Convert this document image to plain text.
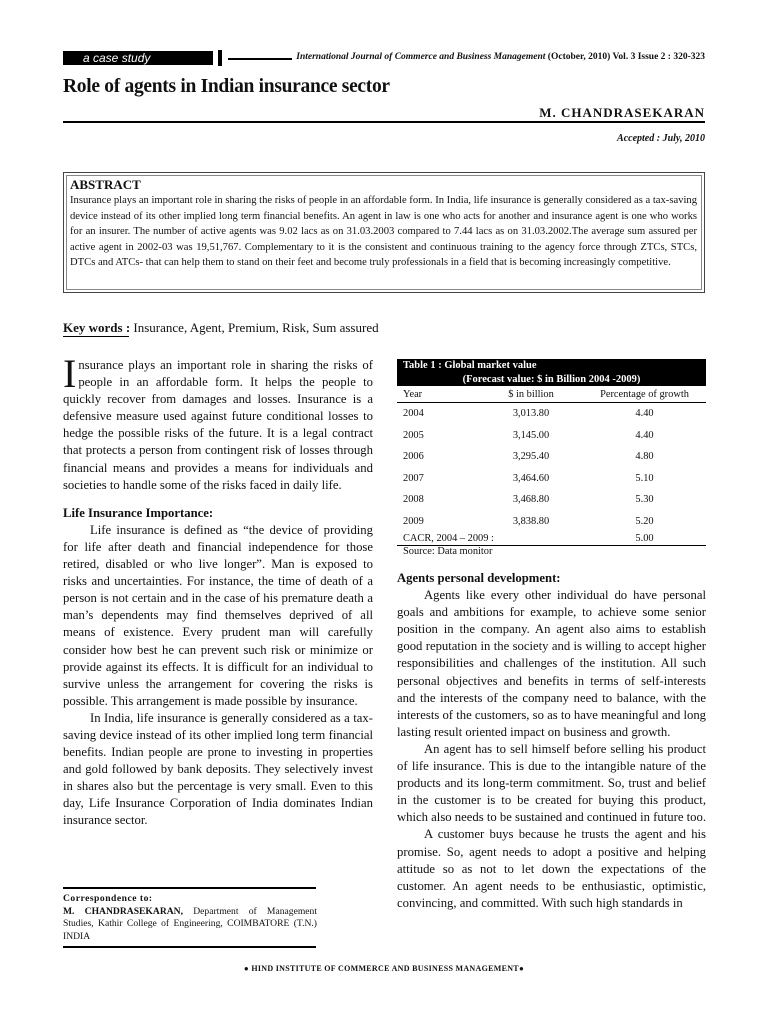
a case study	International Journal of Commerce and Business Management (October, 2010) Vol. 3 Issue 2 : 320-323
Role of agents in Indian insurance sector
M. CHANDRASEKARAN
Accepted : July, 2010
ABSTRACT
Insurance plays an important role in sharing the risks of people in an affordable form. In India, life insurance is generally considered as a tax-saving device instead of its other implied long term financial benefits. An agent in law is one who acts for another and insurance agent is one who works for an insurer. The number of active agents was 9.02 lacs as on 31.03.2003 compared to 7.44 lacs as on 31.03.2002.The average sum assured per active agent in 2002-03 was 19,51,767. Complementary to it is the consistent and continuous training to the agency force through ZTCs, STCs, DTCs and ATCs- that can help them to stand on their feet and become truly professionals in a field that is becoming increasingly competitive.
Key words : Insurance, Agent, Premium, Risk, Sum assured

Insurance plays an important role in sharing the risks of people in an affordable form. It helps the people to quickly recover from damages and losses. Insurance is a defensive measure used against future conditional losses to hedge the possible risks of the future. It is a legal contract that protects a person from contingent risk of losses through financial means and provides a means for individuals and societies to handle some of the risks faced in daily life.

Life Insurance Importance:

Life insurance is defined as “the device of providing for life after death and financial independence for those retired, disabled or who live longer”. Man is exposed to risks and uncertainties. For instance, the time of death of a person is not certain and in the case of his premature death a man’s dependents may find themselves deprived of all means of existence. Every prudent man will carefully consider how best he can prevent such risk or minimize or provide against its effects. It is difficult for an individual to survive unless the arrangement for covering the risks is possible. This arrangement is made possible by insurance.

In India, life insurance is generally considered as a tax-saving device instead of its other implied long term financial benefits. Indian people are prone to investing in properties and gold followed by bank deposits. They selectively invest in shares also but the percentage is very small. Even to this day, Life Insurance Corporation of India dominates Indian insurance sector.

Correspondence to:
M. CHANDRASEKARAN, Department of Management Studies, Kathir College of Engineering, COIMBATORE (T.N.) INDIA
Table 1 : Global market value
(Forecast value: $ in Billion 2004 -2009)
Year	$ in billion	Percentage of growth
2004	3,013.80	4.40
2005	3,145.00	4.40
2006	3,295.40	4.80
2007	3,464.60	5.10
2008	3,468.80	5.30
2009	3,838.80	5.20
CACR, 2004 – 2009 :		5.00
Source: Data monitor

Agents personal development:

Agents like every other individual do have personal goals and ambitions for example, to achieve some senior position in the company. An agent also aims to establish good reputation in the society and is willing to accept higher responsibilities and challenges of the institution. All such personal objectives and benefits in terms of self-interests and the interests of the company need to balance, with the interests of the customers, so as to have meaningful and long lasting result oriented impact on business and growth.

An agent has to sell himself before selling his product of life insurance. This is due to the intangible nature of the products and its long-term commitment. So, trust and belief in the customer is to be created for buying this product, which also needs to be sustained and continued in future too.

A customer buys because he trusts the agent and his promise. So, agent needs to adopt a positive and helping attitude so as not to let down the expectations of the customer. An agent needs to be enthusiastic, optimistic, convincing, and committed. With such high standards in

● HIND INSTITUTE OF COMMERCE AND BUSINESS MANAGEMENT●
